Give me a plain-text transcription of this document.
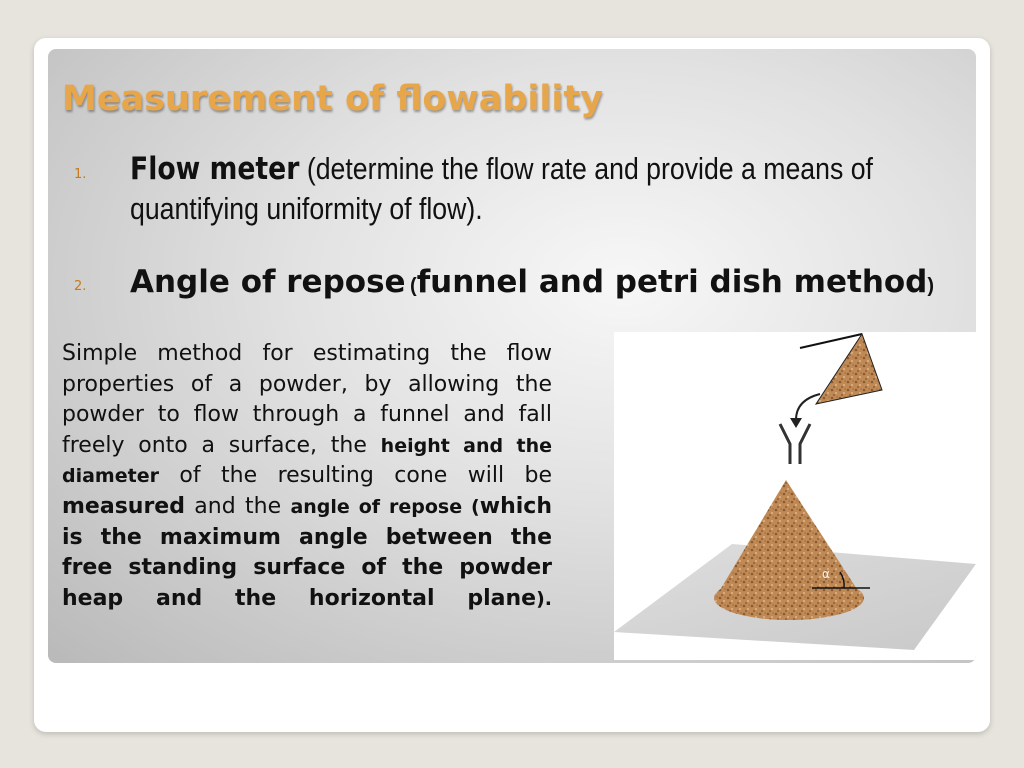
Measurement of flowability
1. Flow meter (determine the flow rate and provide a means of quantifying uniformity of flow).
2. Angle of repose (funnel and petri dish method)

Simple method for estimating the flow properties of a powder, by allowing the powder to flow through a funnel and fall freely onto a surface, the height and the diameter of the resulting cone will be measured and the angle of repose (which is the maximum angle between the free standing surface of the powder heap and the horizontal plane).

α
